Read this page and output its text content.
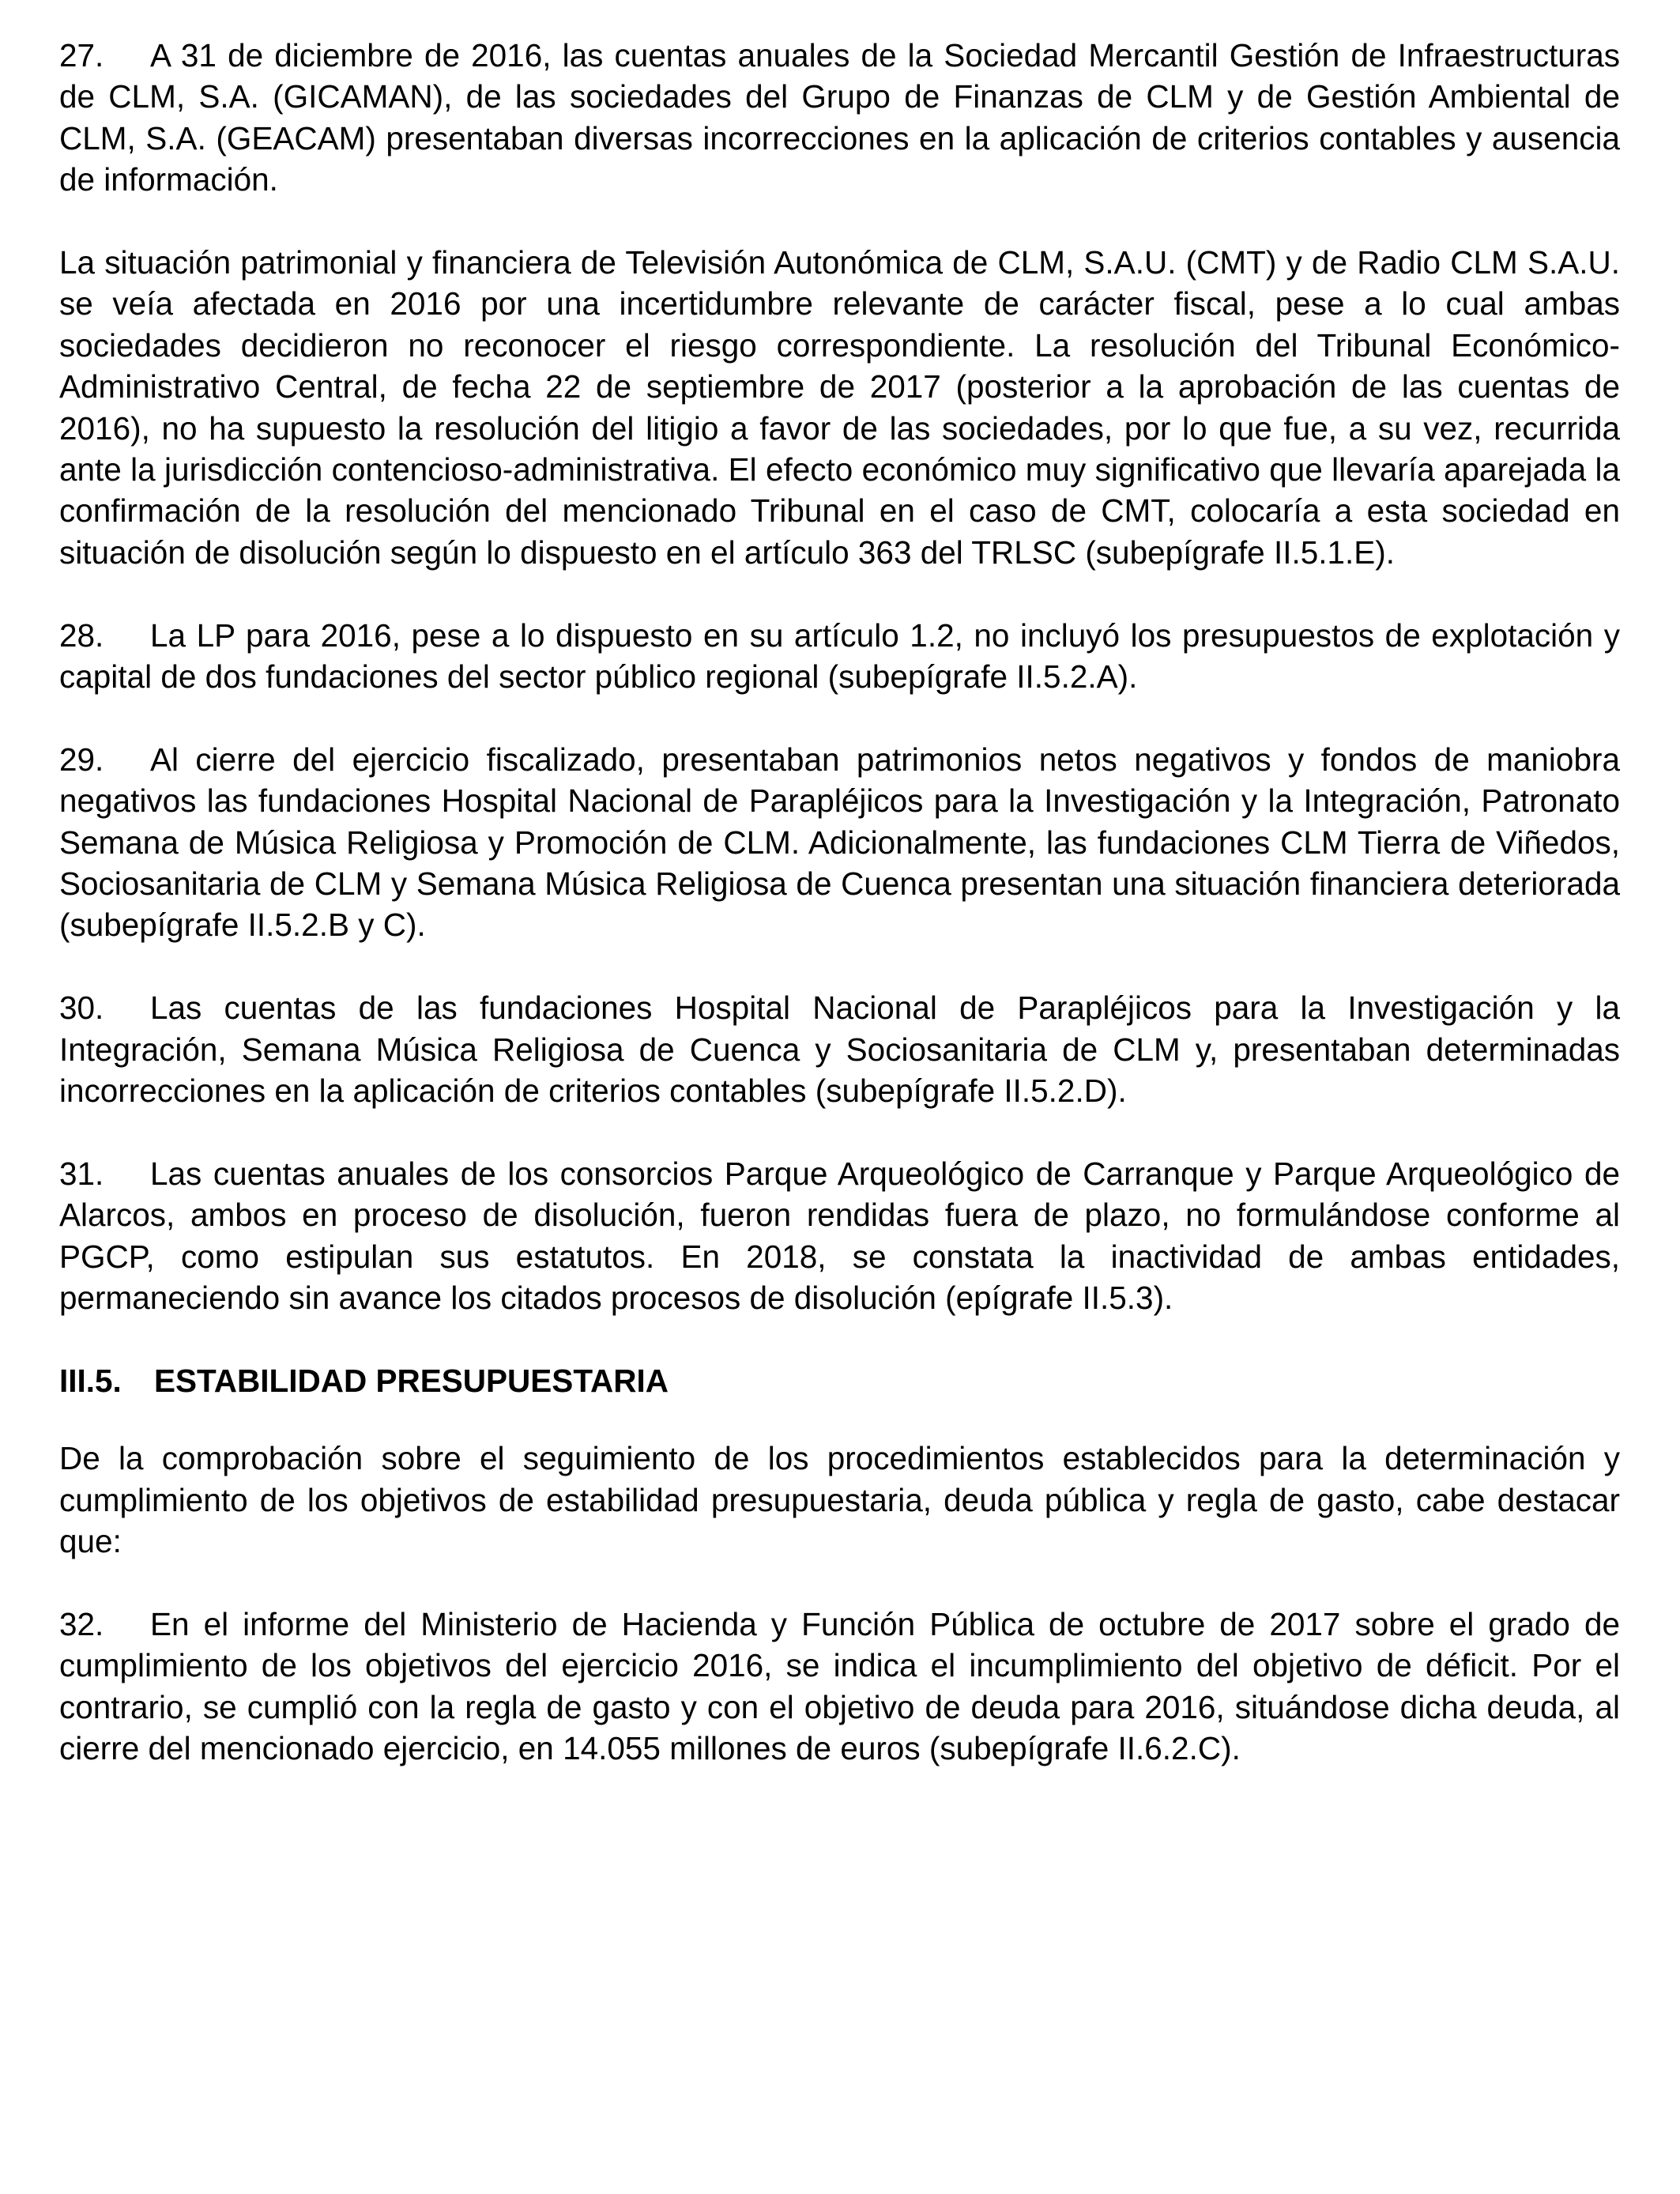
27. A 31 de diciembre de 2016, las cuentas anuales de la Sociedad Mercantil Gestión de Infraestructuras de CLM, S.A. (GICAMAN), de las sociedades del Grupo de Finanzas de CLM y de Gestión Ambiental de CLM, S.A. (GEACAM) presentaban diversas incorrecciones en la aplicación de criterios contables y ausencia de información.

La situación patrimonial y financiera de Televisión Autonómica de CLM, S.A.U. (CMT) y de Radio CLM S.A.U. se veía afectada en 2016 por una incertidumbre relevante de carácter fiscal, pese a lo cual ambas sociedades decidieron no reconocer el riesgo correspondiente. La resolución del Tribunal Económico-Administrativo Central, de fecha 22 de septiembre de 2017 (posterior a la aprobación de las cuentas de 2016), no ha supuesto la resolución del litigio a favor de las sociedades, por lo que fue, a su vez, recurrida ante la jurisdicción contencioso-administrativa. El efecto económico muy significativo que llevaría aparejada la confirmación de la resolución del mencionado Tribunal en el caso de CMT, colocaría a esta sociedad en situación de disolución según lo dispuesto en el artículo 363 del TRLSC (subepígrafe II.5.1.E).

28. La LP para 2016, pese a lo dispuesto en su artículo 1.2, no incluyó los presupuestos de explotación y capital de dos fundaciones del sector público regional (subepígrafe II.5.2.A).

29. Al cierre del ejercicio fiscalizado, presentaban patrimonios netos negativos y fondos de maniobra negativos las fundaciones Hospital Nacional de Parapléjicos para la Investigación y la Integración, Patronato Semana de Música Religiosa y Promoción de CLM. Adicionalmente, las fundaciones CLM Tierra de Viñedos, Sociosanitaria de CLM y Semana Música Religiosa de Cuenca presentan una situación financiera deteriorada (subepígrafe II.5.2.B y C).

30. Las cuentas de las fundaciones Hospital Nacional de Parapléjicos para la Investigación y la Integración, Semana Música Religiosa de Cuenca y Sociosanitaria de CLM y, presentaban determinadas incorrecciones en la aplicación de criterios contables (subepígrafe II.5.2.D).

31. Las cuentas anuales de los consorcios Parque Arqueológico de Carranque y Parque Arqueológico de Alarcos, ambos en proceso de disolución, fueron rendidas fuera de plazo, no formulándose conforme al PGCP, como estipulan sus estatutos. En 2018, se constata la inactividad de ambas entidades, permaneciendo sin avance los citados procesos de disolución (epígrafe II.5.3).

III.5. ESTABILIDAD PRESUPUESTARIA

De la comprobación sobre el seguimiento de los procedimientos establecidos para la determinación y cumplimiento de los objetivos de estabilidad presupuestaria, deuda pública y regla de gasto, cabe destacar que:

32. En el informe del Ministerio de Hacienda y Función Pública de octubre de 2017 sobre el grado de cumplimiento de los objetivos del ejercicio 2016, se indica el incumplimiento del objetivo de déficit. Por el contrario, se cumplió con la regla de gasto y con el objetivo de deuda para 2016, situándose dicha deuda, al cierre del mencionado ejercicio, en 14.055 millones de euros (subepígrafe II.6.2.C).
